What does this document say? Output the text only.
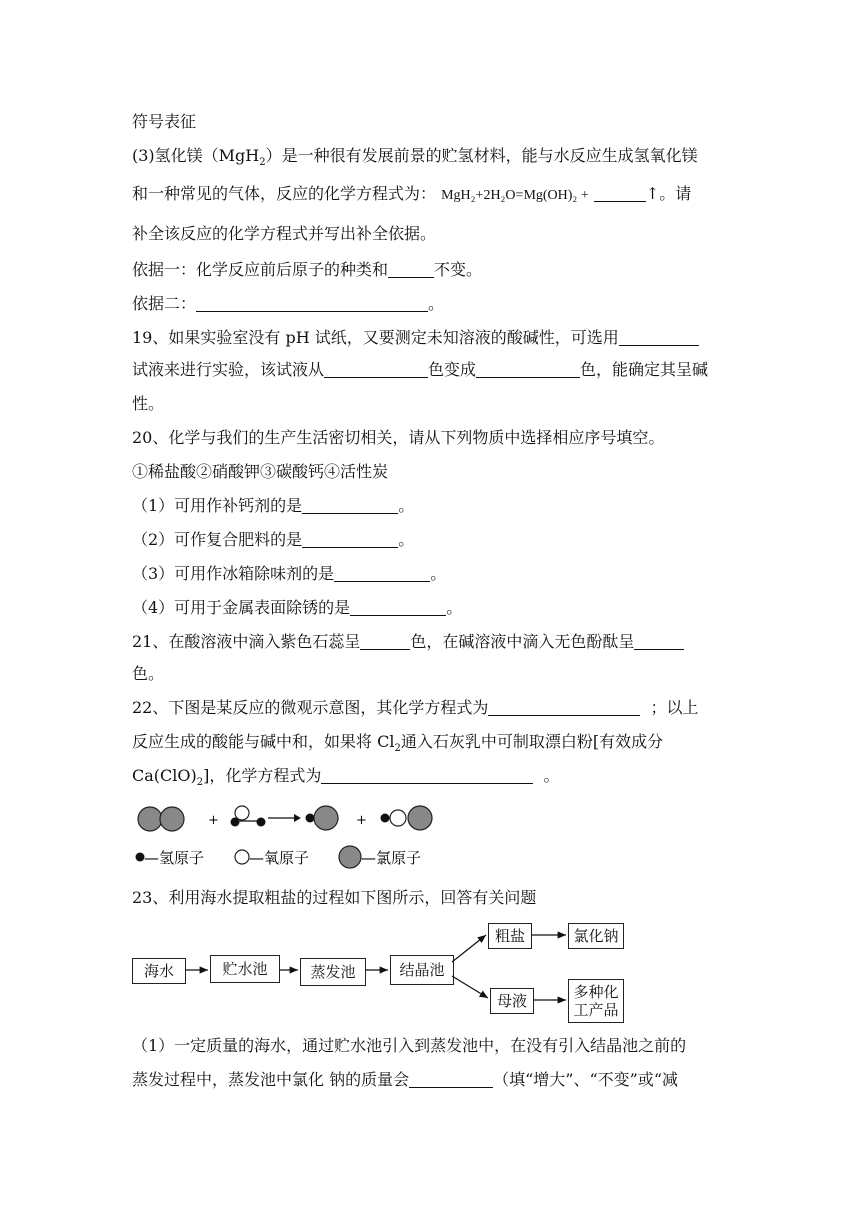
符号表征
(3)氢化镁（MgH$_2$）是一种很有发展前景的贮氢材料，能与水反应生成氢氧化镁
和一种常见的气体，反应的化学方程式为： MgH₂+2H₂O=Mg(OH)₂ +	↑。请
补全该反应的化学方程式并写出补全依据。
依据一：化学反应前后原子的种类和	不变。
依据二：	。
19、如果实验室没有 pH 试纸，又要测定未知溶液的酸碱性，可选用
试液来进行实验，该试液从	色变成	色，能确定其呈碱
性。
20、化学与我们的生产生活密切相关，请从下列物质中选择相应序号填空。
①稀盐酸②硝酸钾③碳酸钙④活性炭
（1）可用作补钙剂的是	。
（2）可作复合肥料的是	。
（3）可用作冰箱除味剂的是	。
（4）可用于金属表面除锈的是	。
21、在酸溶液中滴入紫色石蕊呈	色，在碱溶液中滴入无色酚酞呈
色。
22、下图是某反应的微观示意图，其化学方程式为	；以上
反应生成的酸能与碱中和，如果将 $Cl_2$通入石灰乳中可制取漂白粉[有效成分
$Ca(ClO)_2$]，化学方程式为	。
+	+
—氢原子	—氧原子	—氯原子
23、利用海水提取粗盐的过程如下图所示，回答有关问题
海水	贮水池	蒸发池	结晶池
粗盐	氯化钠
母液	多种化工产品
（1）一定质量的海水，通过贮水池引入到蒸发池中，在没有引入结晶池之前的
蒸发过程中，蒸发池中氯化 钠的质量会	（填“增大”、“不变”或“减
